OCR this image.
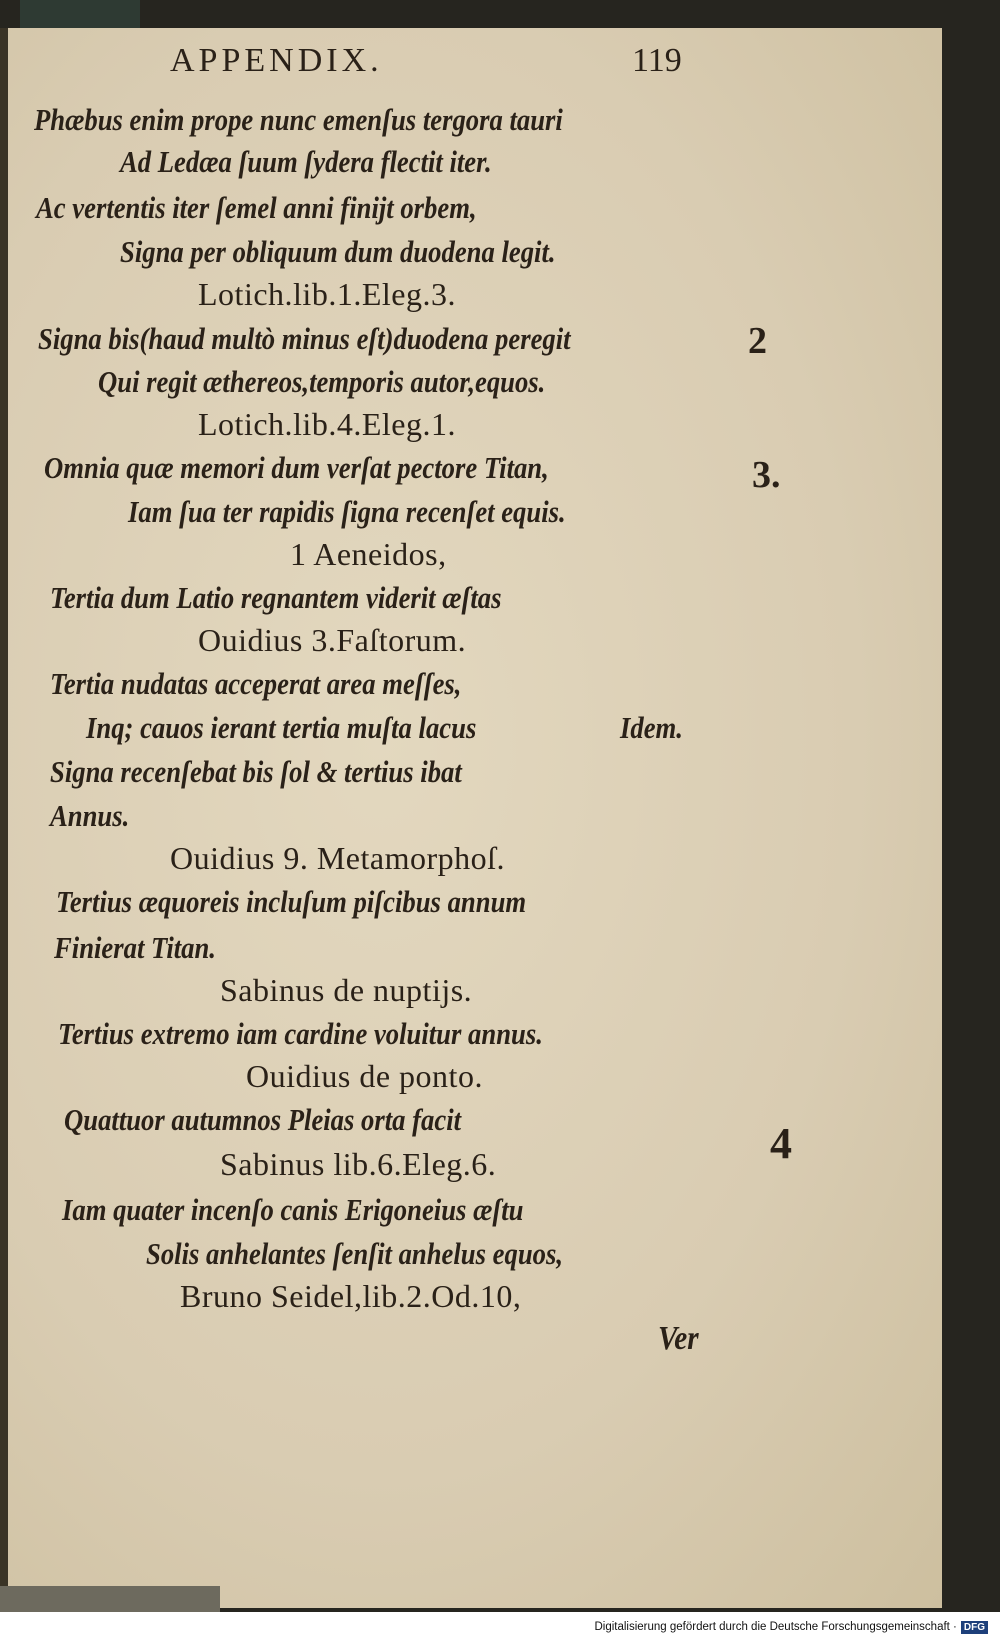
APPENDIX.	119
Phæbus enim prope nunc emenſus tergora tauri
Ad Ledæa ſuum ſydera flectit iter.
Ac vertentis iter ſemel anni finijt orbem,
Signa per obliquum dum duodena legit.
Lotich.lib.1.Eleg.3.
Signa bis(haud multò minus eſt)duodena peregit
Qui regit æthereos,temporis autor,equos.
Lotich.lib.4.Eleg.1.
Omnia quæ memori dum verſat pectore Titan,
Iam ſua ter rapidis ſigna recenſet equis.
1 Aeneidos,
Tertia dum Latio regnantem viderit æſtas
Ouidius 3.Faſtorum.
Tertia nudatas acceperat area meſſes,
Inq; cauos ierant tertia muſta lacus
Signa recenſebat bis ſol & tertius ibat
Annus.
Ouidius 9. Metamorphoſ.
Tertius æquoreis incluſum piſcibus annum
Finierat Titan.
Sabinus de nuptijs.
Tertius extremo iam cardine voluitur annus.
Ouidius de ponto.
Quattuor autumnos Pleias orta facit
Sabinus lib.6.Eleg.6.
Iam quater incenſo canis Erigoneius æſtu
Solis anhelantes ſenſit anhelus equos,
Bruno Seidel,lib.2.Od.10,
2
3.
Idem.
4
Ver
Digitalisierung gefördert durch die Deutsche Forschungsgemeinschaft · DFG
